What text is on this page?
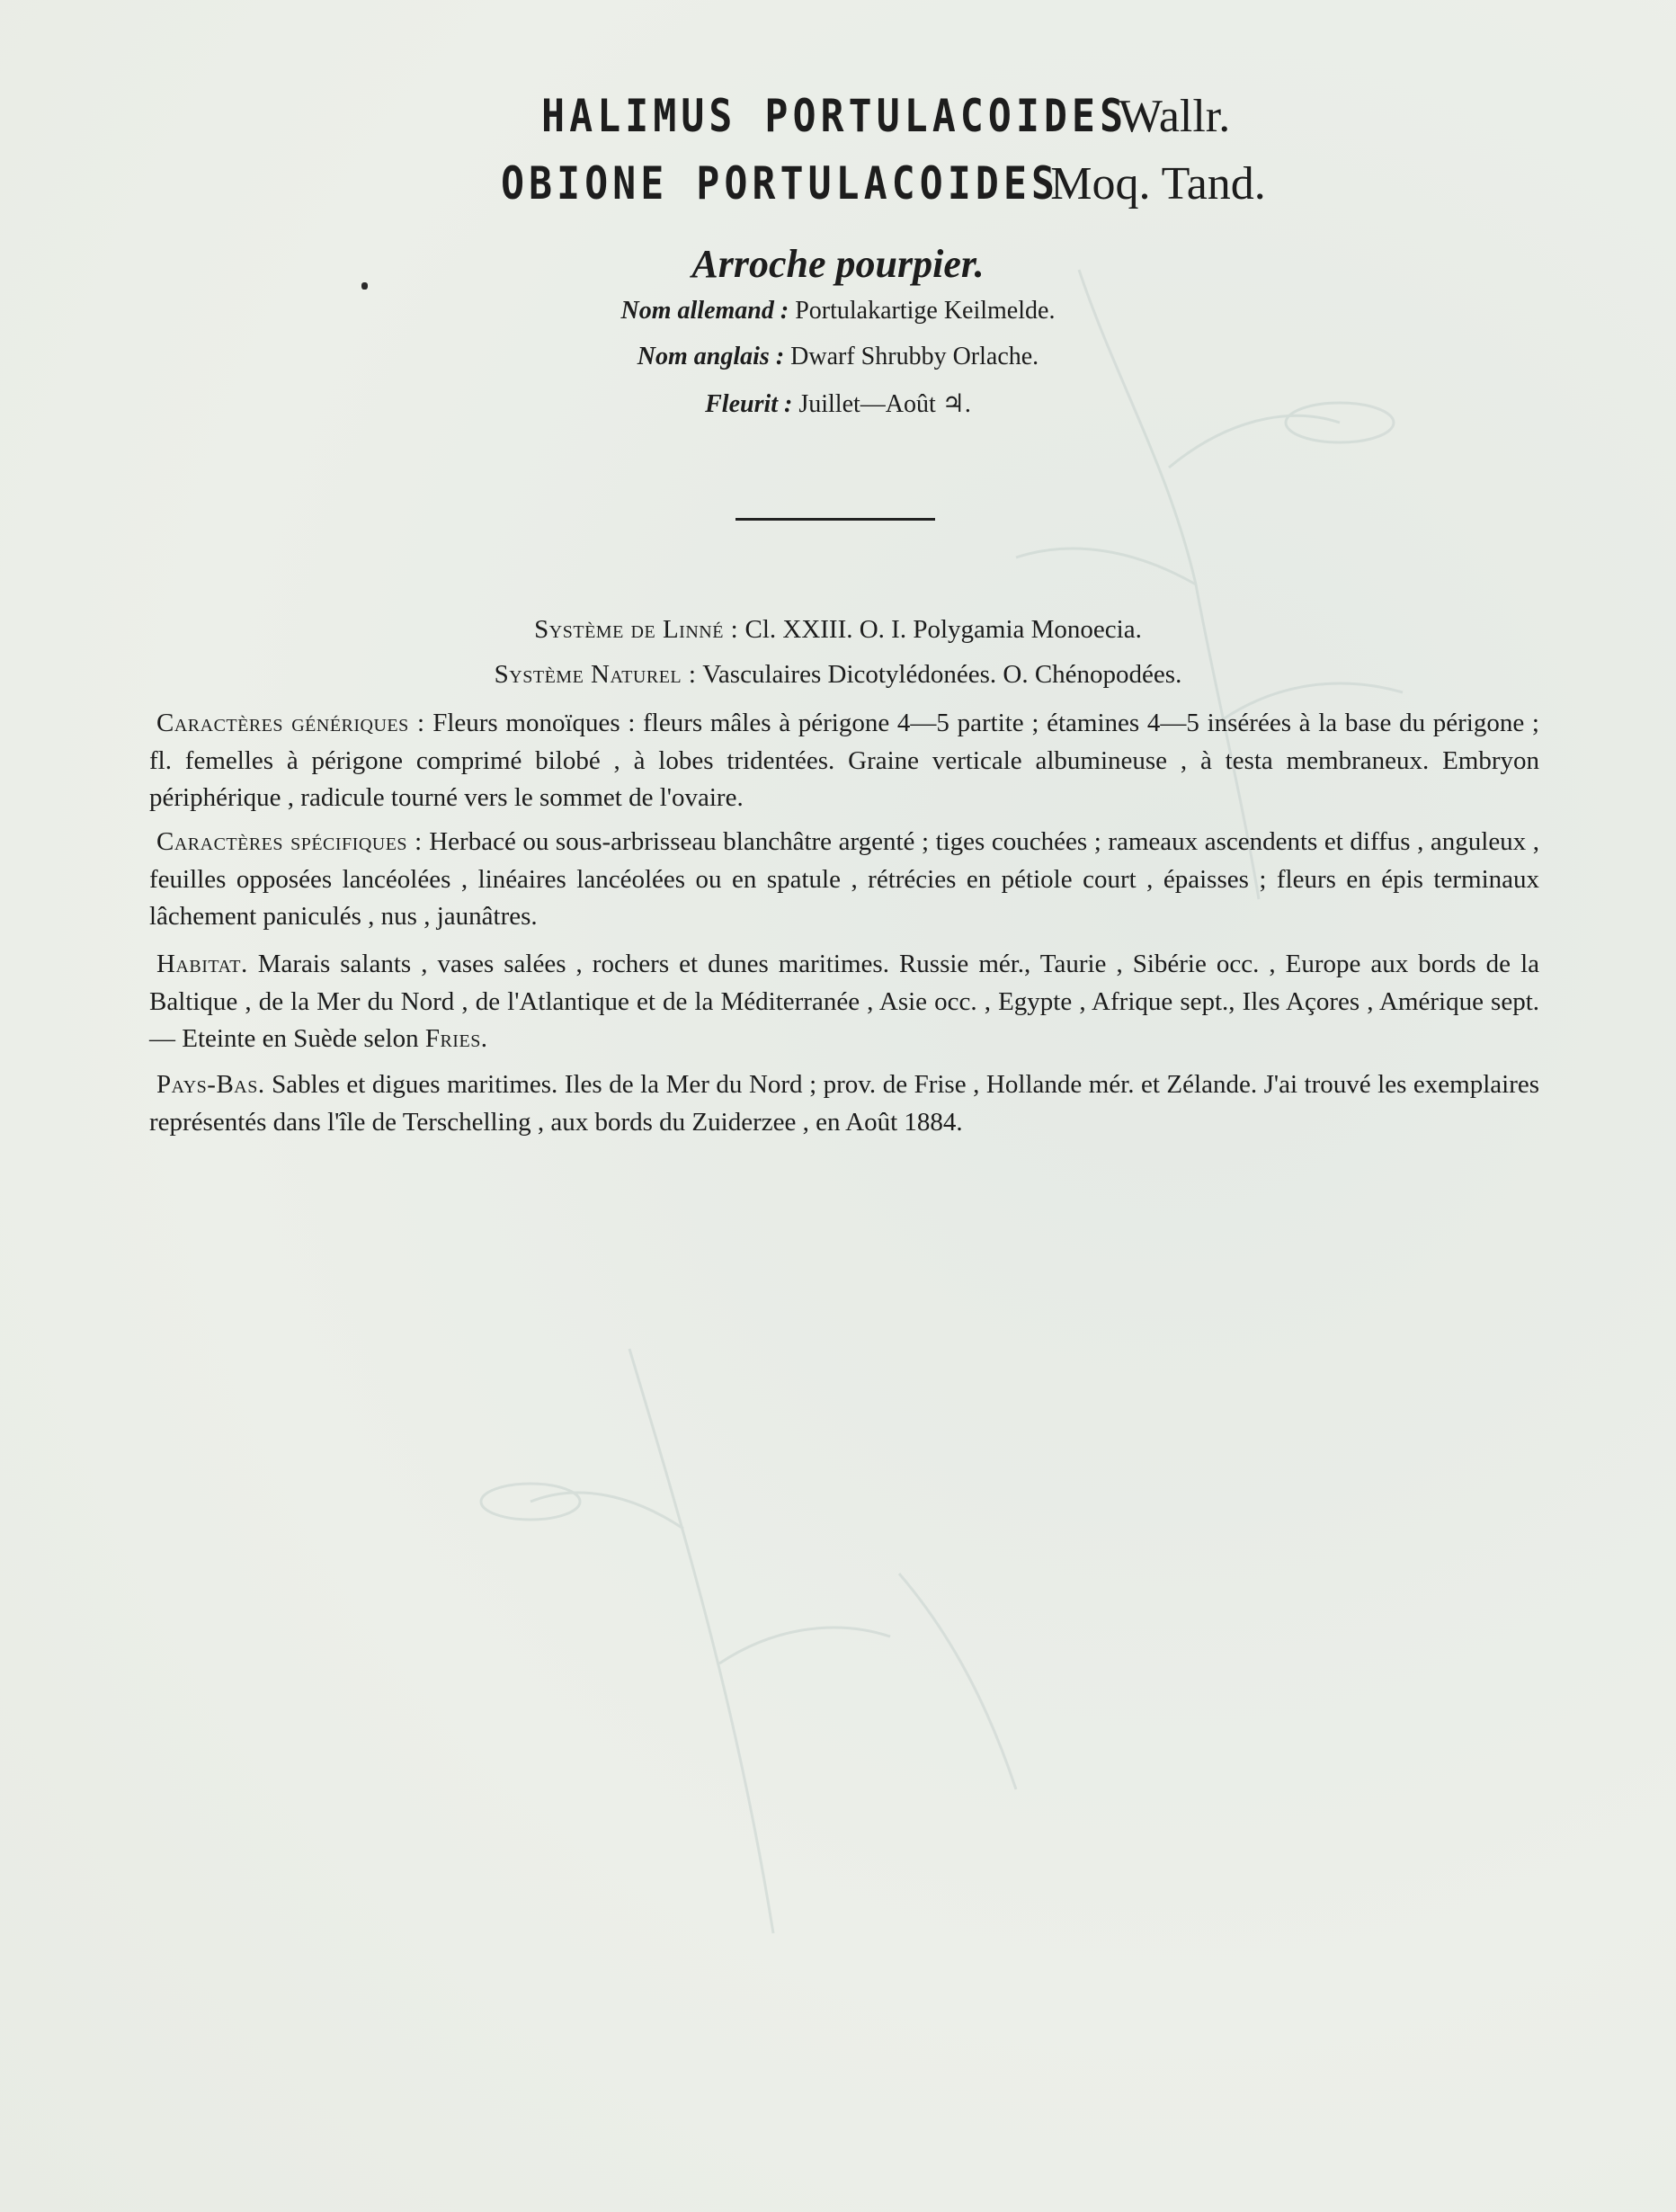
HALIMUS PORTULACOIDES Wallr.
OBIONE PORTULACOIDES Moq. Tand.
Arroche pourpier.
Nom allemand : Portulakartige Keilmelde.
Nom anglais : Dwarf Shrubby Orlache.
Fleurit : Juillet—Août ♃.
Système de Linné : Cl. XXIII. O. I. Polygamia Monoecia.
Système Naturel : Vasculaires Dicotylédonées. O. Chénopodées.
Caractères génériques : Fleurs monoïques : fleurs mâles à périgone 4—5 partite ; étamines 4—5 insérées à la base du périgone ; fl. femelles à périgone comprimé bilobé , à lobes tridentées. Graine verticale albumineuse , à testa membraneux. Embryon périphérique , radicule tourné vers le sommet de l'ovaire.
Caractères spécifiques : Herbacé ou sous-arbrisseau blanchâtre argenté ; tiges couchées ; rameaux ascendents et diffus , anguleux , feuilles opposées lancéolées , linéaires lancéolées ou en spatule , rétrécies en pétiole court , épaisses ; fleurs en épis terminaux lâchement paniculés , nus , jaunâtres.
Habitat. Marais salants , vases salées , rochers et dunes maritimes. Russie mér., Taurie , Sibérie occ. , Europe aux bords de la Baltique , de la Mer du Nord , de l'Atlantique et de la Méditerranée , Asie occ. , Egypte , Afrique sept., Iles Açores , Amérique sept. — Eteinte en Suède selon Fries.
Pays-Bas. Sables et digues maritimes. Iles de la Mer du Nord ; prov. de Frise , Hollande mér. et Zélande. J'ai trouvé les exemplaires représentés dans l'île de Terschelling , aux bords du Zuiderzee , en Août 1884.
